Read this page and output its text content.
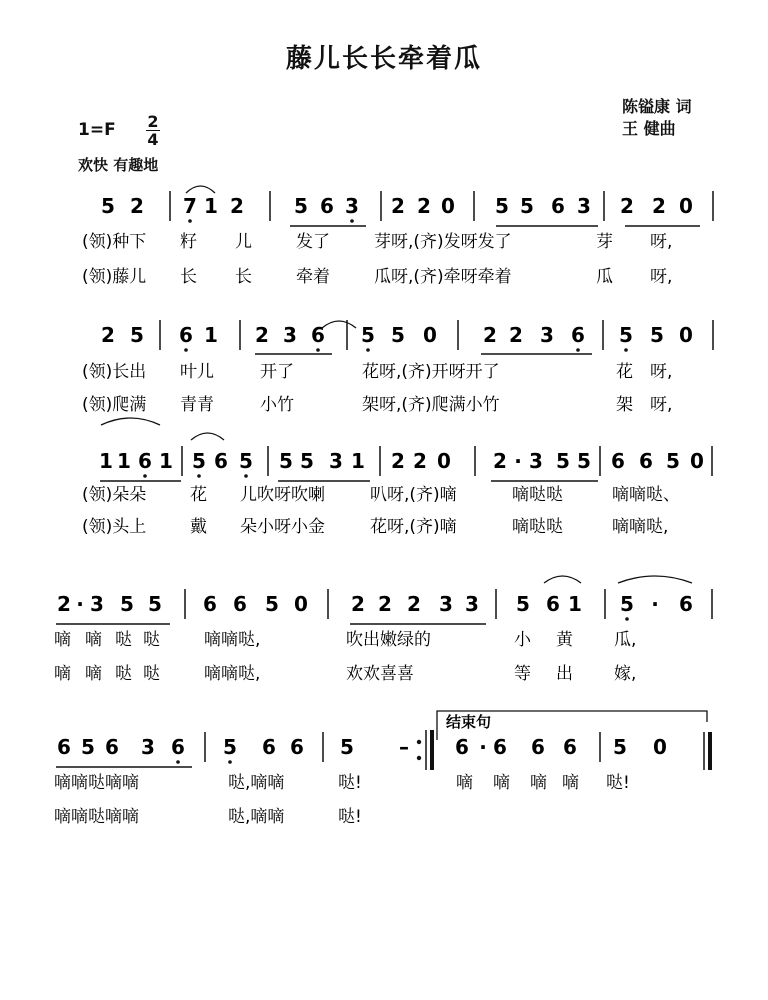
藤儿长长牵着瓜
陈镒康 词
王 健曲
1=F 2
4
欢快 有趣地
5 2 7 1 2	5 6 3 2 2 0 5 5 6 3 2 2 0
(领)种下 籽 儿	发了	芽呀,(齐)发呀发了	芽 呀,
(领)藤儿 长 长	牵着	瓜呀,(齐)牵呀牵着	瓜 呀,
2 5 6 1 2 3 6 5 5 0 2 2 3 6 5 5 0
(领)长出 叶儿	开了	花呀,(齐)开呀开了	花 呀,
(领)爬满 青青	小竹	架呀,(齐)爬满小竹	架 呀,
1 1 6 1 5 6 5 5 5 3 1 2 2 0 2 · 3 5 5 6 6 5 0
(领)朵朵	花 儿吹呀吹喇	叭呀,(齐)嘀	嘀哒哒	嘀嘀哒、
(领)头上	戴 朵小呀小金	花呀,(齐)嘀	嘀哒哒	嘀嘀哒,
2 · 3 5 5 6 6 5 0 2 2 2 3 3 5 6 1 5 · 6
嘀 嘀 哒 哒	嘀嘀哒,	吹出嫩绿的	小 黄 瓜,
嘀 嘀 哒 哒	嘀嘀哒,	欢欢喜喜	等 出 嫁,
6 5 6 3 6 5 6 6 5 – 6 · 6 6 6 5 0
嘀嘀哒嘀嘀	哒,嘀嘀	哒!	嘀 嘀 嘀 嘀 哒!
嘀嘀哒嘀嘀	哒,嘀嘀	哒!
结束句
